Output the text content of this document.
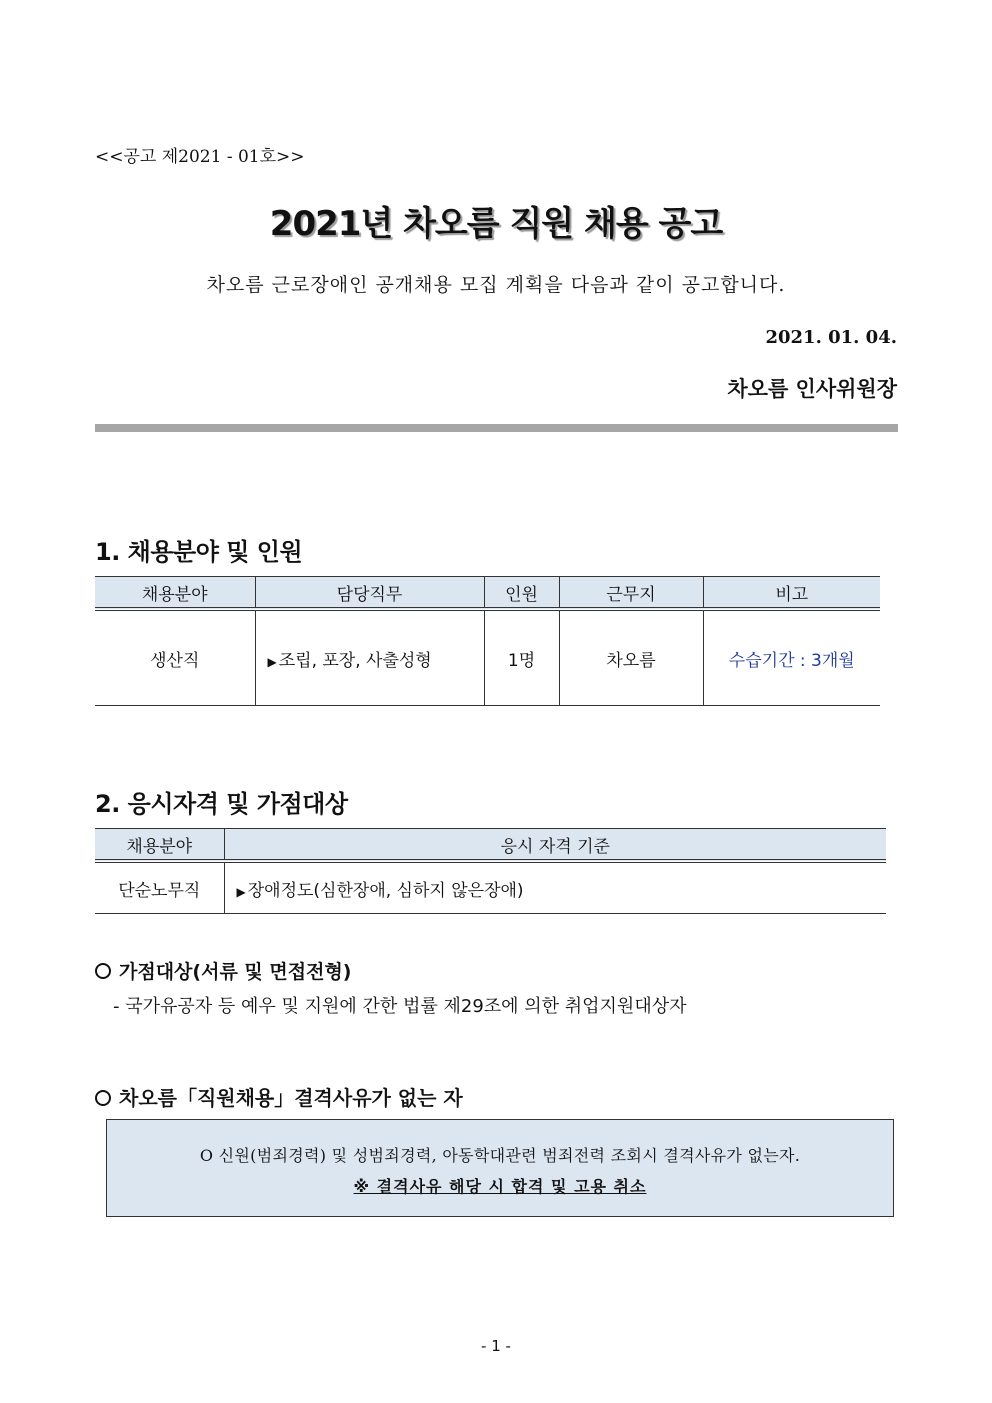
<<공고 제2021 - 01호>>
2021년 차오름 직원 채용 공고
차오름 근로장애인 공개채용 모집 계획을 다음과 같이 공고합니다.
2021. 01. 04.
차오름 인사위원장
1. 채용분야 및 인원
채용분야	담당직무	인원	근무지	비고
생산직	▶ 조립, 포장, 사출성형	1명	차오름	수습기간 : 3개월
2. 응시자격 및 가점대상
채용분야	응시 자격 기준
단순노무직	▶ 장애정도(심한장애, 심하지 않은장애)
가점대상(서류 및 면접전형)
- 국가유공자 등 예우 및 지원에 간한 법률 제29조에 의한 취업지원대상자
차오름「직원채용」결격사유가 없는 자
O 신원(범죄경력) 및 성범죄경력, 아동학대관련 범죄전력 조회시 결격사유가 없는자.
※ 결격사유 해당 시 합격 및 고용 취소
- 1 -
